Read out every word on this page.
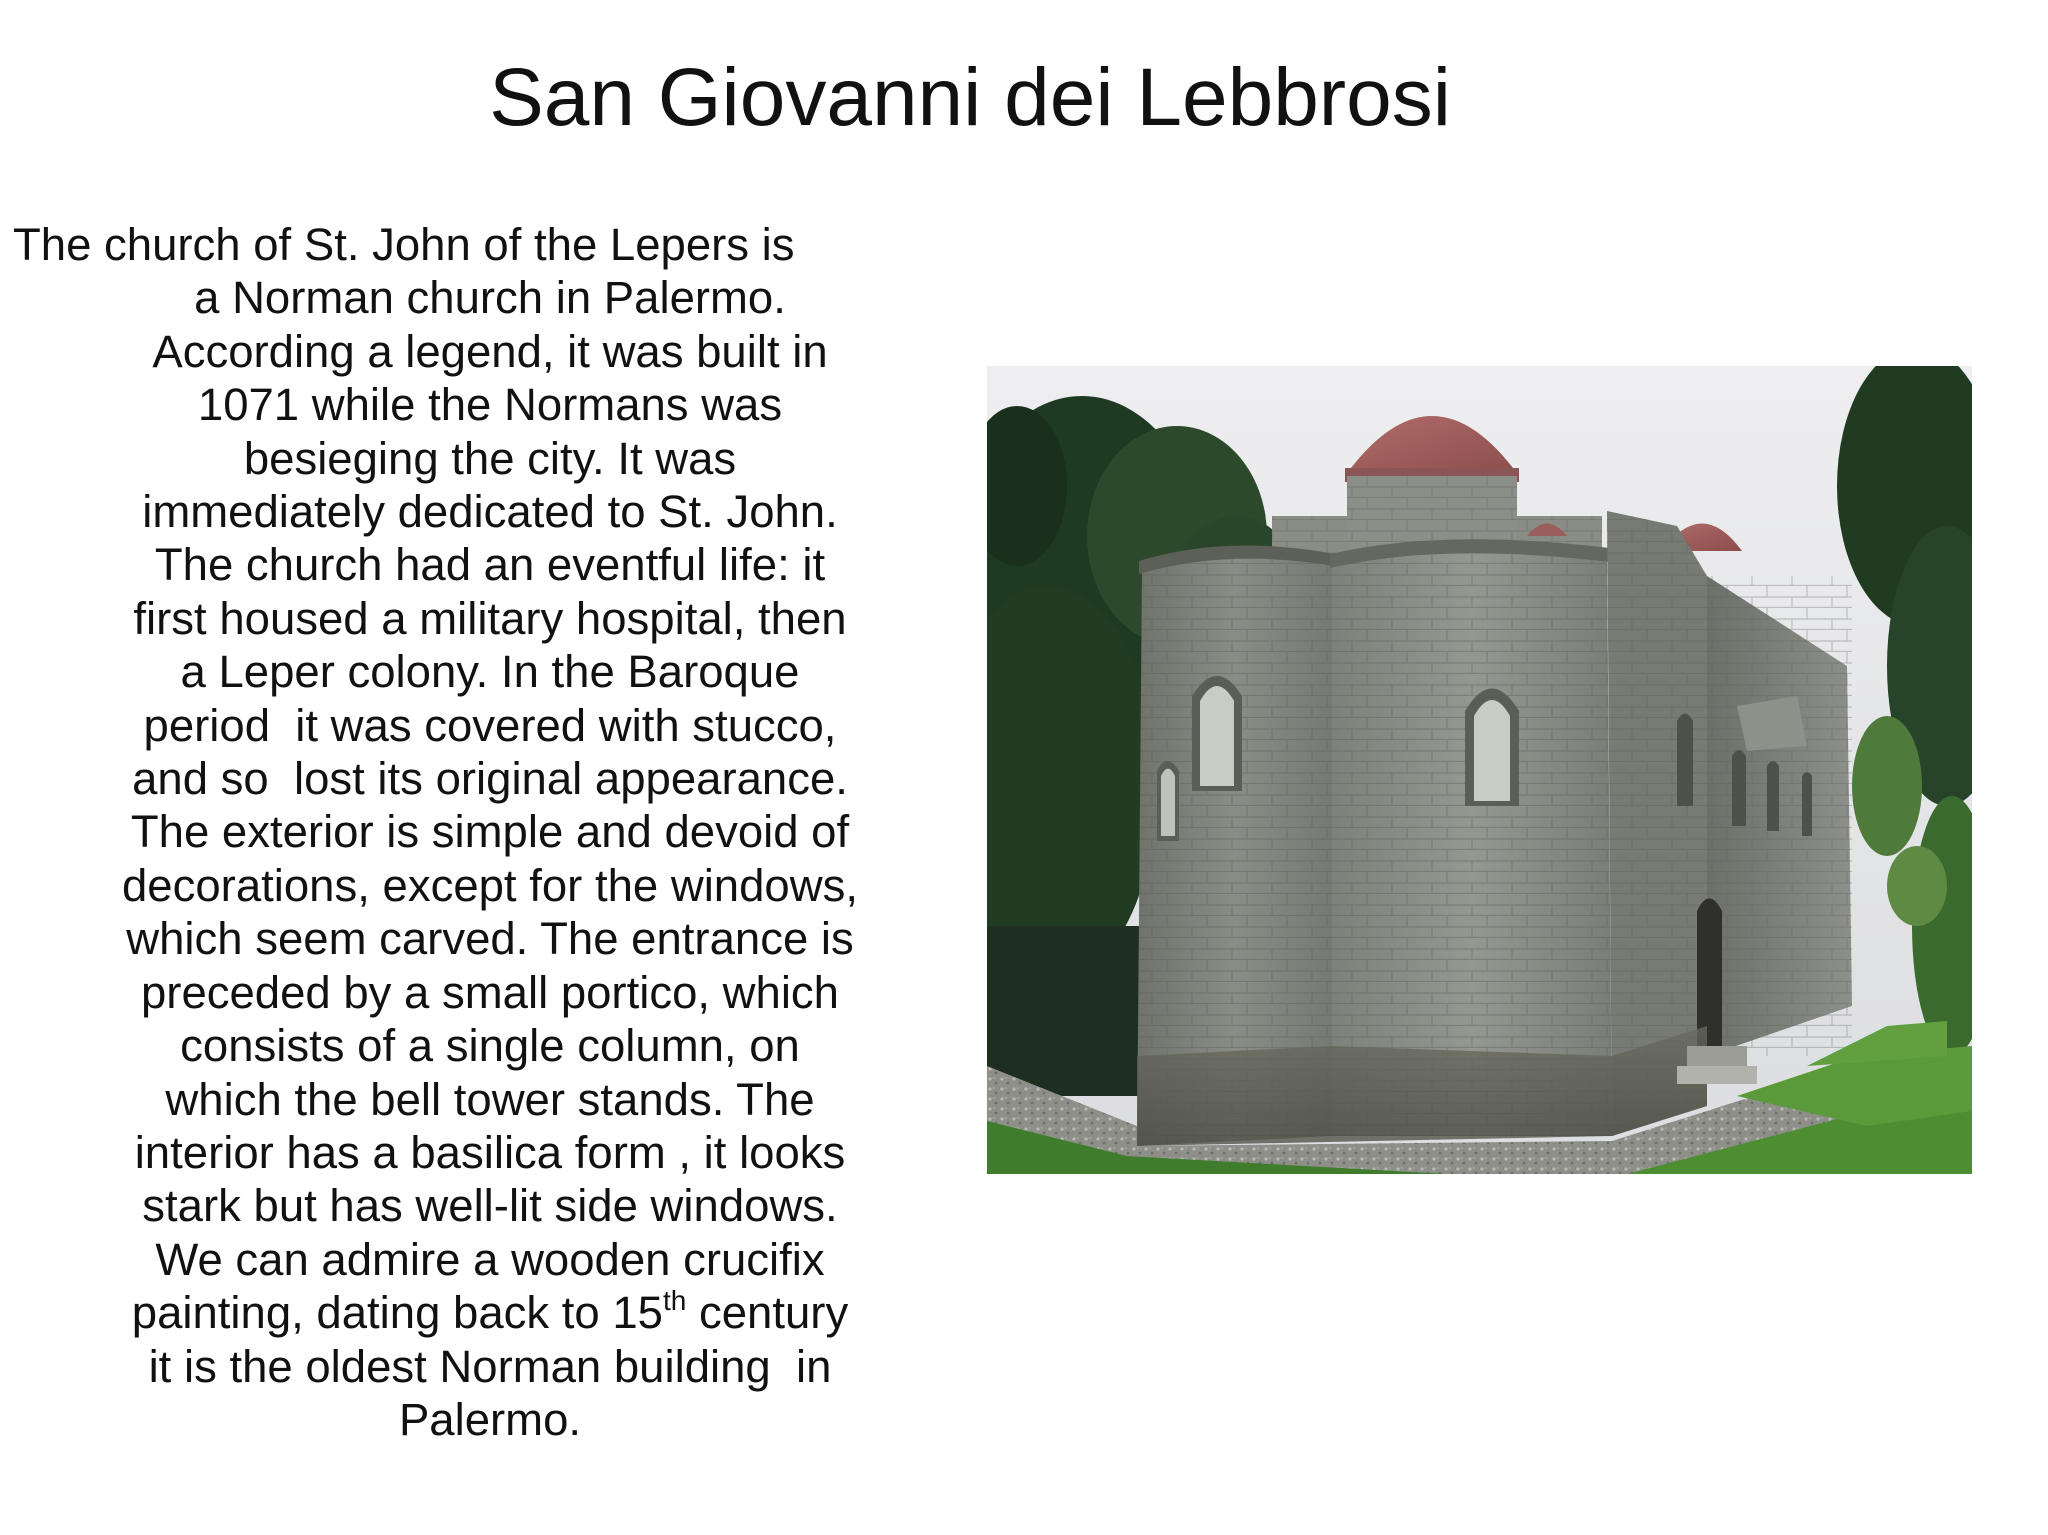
San Giovanni dei Lebbrosi
The church of St. John of the Lepers is
a Norman church in Palermo.
According a legend, it was built in
1071 while the Normans was
besieging the city. It was
immediately dedicated to St. John.
The church had an eventful life: it
first housed a military hospital, then
a Leper colony. In the Baroque
period  it was covered with stucco,
and so  lost its original appearance.
The exterior is simple and devoid of
decorations, except for the windows,
which seem carved. The entrance is
preceded by a small portico, which
consists of a single column, on
which the bell tower stands. The
interior has a basilica form , it looks
stark but has well-lit side windows.
We can admire a wooden crucifix
painting, dating back to 15th century
it is the oldest Norman building  in
Palermo.
